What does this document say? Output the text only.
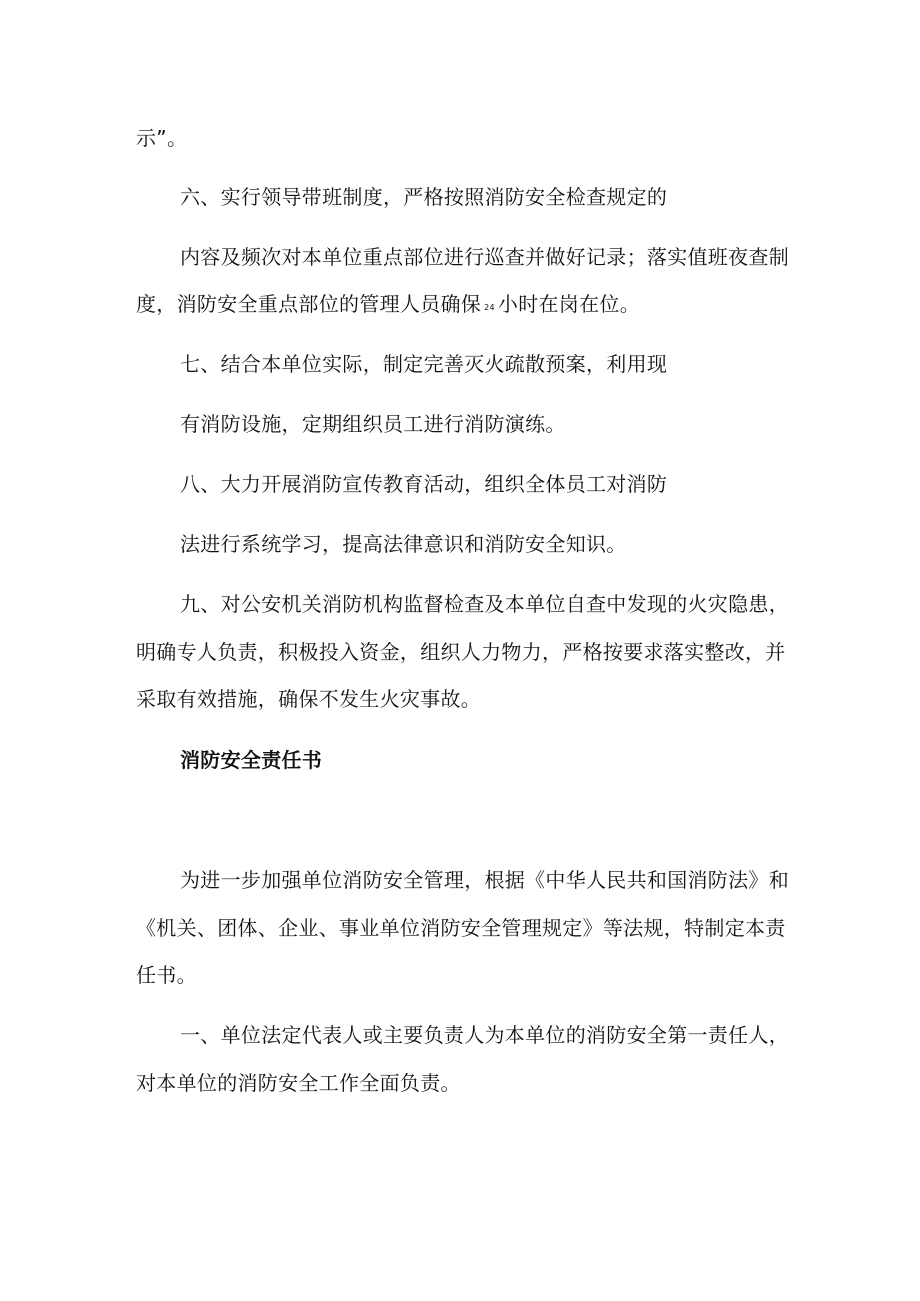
示”。

六、实行领导带班制度，严格按照消防安全检查规定的

内容及频次对本单位重点部位进行巡查并做好记录；落实值班夜查制

度，消防安全重点部位的管理人员确保 24 小时在岗在位。

七、结合本单位实际，制定完善灭火疏散预案，利用现

有消防设施，定期组织员工进行消防演练。

八、大力开展消防宣传教育活动，组织全体员工对消防

法进行系统学习，提高法律意识和消防安全知识。

九、对公安机关消防机构监督检查及本单位自查中发现的火灾隐患，

明确专人负责，积极投入资金，组织人力物力，严格按要求落实整改，并

采取有效措施，确保不发生火灾事故。

消防安全责任书

为进一步加强单位消防安全管理，根据《中华人民共和国消防法》和

《机关、团体、企业、事业单位消防安全管理规定》等法规，特制定本责

任书。

一、单位法定代表人或主要负责人为本单位的消防安全第一责任人，

对本单位的消防安全工作全面负责。
